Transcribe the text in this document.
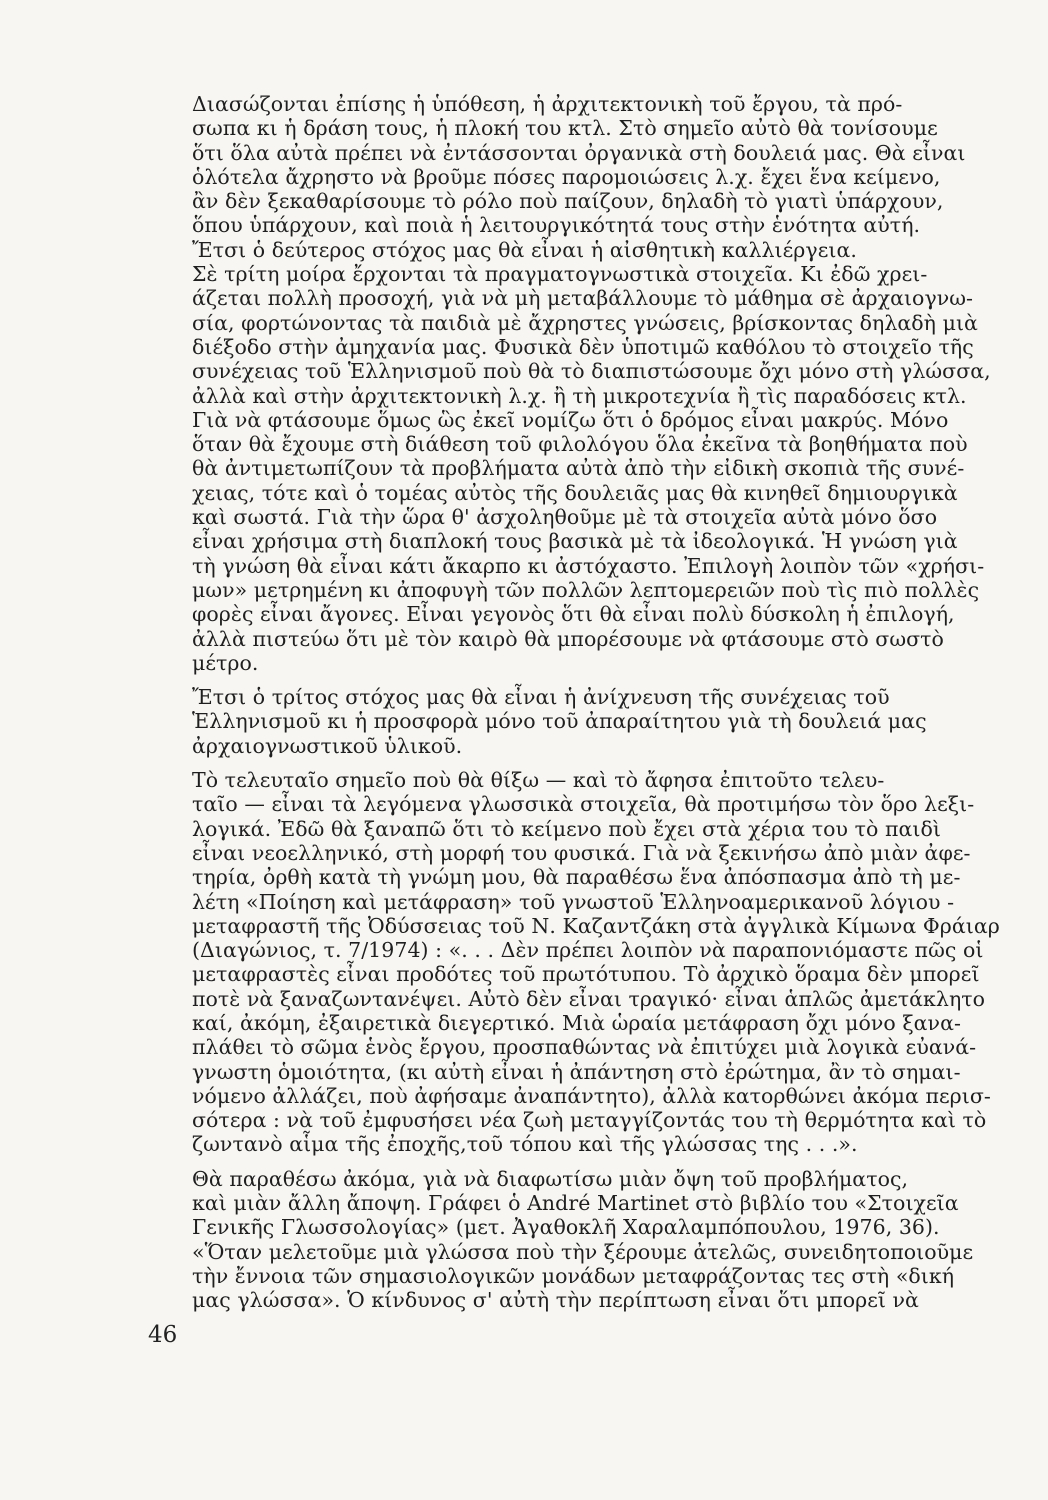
Διασώζονται ἐπίσης ἡ ὑπόθεση, ἡ ἀρχιτεκτονικὴ τοῦ ἔργου, τὰ πρό-
σωπα κι ἡ δράση τους, ἡ πλοκή του κτλ. Στὸ σημεῖο αὐτὸ θὰ τονίσουμε
ὅτι ὅλα αὐτὰ πρέπει νὰ ἐντάσσονται ὀργανικὰ στὴ δουλειά μας. Θὰ εἶναι
ὁλότελα ἄχρηστο νὰ βροῦμε πόσες παρομοιώσεις λ.χ. ἔχει ἕνα κείμενο,
ἂν δὲν ξεκαθαρίσουμε τὸ ρόλο ποὺ παίζουν, δηλαδὴ τὸ γιατὶ ὑπάρχουν,
ὅπου ὑπάρχουν, καὶ ποιὰ ἡ λειτουργικότητά τους στὴν ἑνότητα αὐτή.

Ἔτσι ὁ δεύτερος στόχος μας θὰ εἶναι ἡ αἰσθητικὴ καλλιέργεια.

Σὲ τρίτη μοίρα ἔρχονται τὰ πραγματογνωστικὰ στοιχεῖα. Κι ἐδῶ χρει-
άζεται πολλὴ προσοχή, γιὰ νὰ μὴ μεταβάλλουμε τὸ μάθημα σὲ ἀρχαιογνω-
σία, φορτώνοντας τὰ παιδιὰ μὲ ἄχρηστες γνώσεις, βρίσκοντας δηλαδὴ μιὰ
διέξοδο στὴν ἀμηχανία μας. Φυσικὰ δὲν ὑποτιμῶ καθόλου τὸ στοιχεῖο τῆς
συνέχειας τοῦ Ἑλληνισμοῦ ποὺ θὰ τὸ διαπιστώσουμε ὄχι μόνο στὴ γλώσσα,
ἀλλὰ καὶ στὴν ἀρχιτεκτονικὴ λ.χ. ἢ τὴ μικροτεχνία ἢ τὶς παραδόσεις κτλ.
Γιὰ νὰ φτάσουμε ὅμως ὣς ἐκεῖ νομίζω ὅτι ὁ δρόμος εἶναι μακρύς. Μόνο
ὅταν θὰ ἔχουμε στὴ διάθεση τοῦ φιλολόγου ὅλα ἐκεῖνα τὰ βοηθήματα ποὺ
θὰ ἀντιμετωπίζουν τὰ προβλήματα αὐτὰ ἀπὸ τὴν εἰδικὴ σκοπιὰ τῆς συνέ-
χειας, τότε καὶ ὁ τομέας αὐτὸς τῆς δουλειᾶς μας θὰ κινηθεῖ δημιουργικὰ
καὶ σωστά. Γιὰ τὴν ὥρα θ' ἀσχοληθοῦμε μὲ τὰ στοιχεῖα αὐτὰ μόνο ὅσο
εἶναι χρήσιμα στὴ διαπλοκή τους βασικὰ μὲ τὰ ἰδεολογικά. Ἡ γνώση γιὰ
τὴ γνώση θὰ εἶναι κάτι ἄκαρπο κι ἀστόχαστο. Ἐπιλογὴ λοιπὸν τῶν «χρήσι-
μων» μετρημένη κι ἀποφυγὴ τῶν πολλῶν λεπτομερειῶν ποὺ τὶς πιὸ πολλὲς
φορὲς εἶναι ἄγονες. Εἶναι γεγονὸς ὅτι θὰ εἶναι πολὺ δύσκολη ἡ ἐπιλογή,
ἀλλὰ πιστεύω ὅτι μὲ τὸν καιρὸ θὰ μπορέσουμε νὰ φτάσουμε στὸ σωστὸ
μέτρο.

Ἔτσι ὁ τρίτος στόχος μας θὰ εἶναι ἡ ἀνίχνευση τῆς συνέχειας τοῦ
Ἑλληνισμοῦ κι ἡ προσφορὰ μόνο τοῦ ἀπαραίτητου γιὰ τὴ δουλειά μας
ἀρχαιογνωστικοῦ ὑλικοῦ.

Τὸ τελευταῖο σημεῖο ποὺ θὰ θίξω — καὶ τὸ ἄφησα ἐπιτοῦτο τελευ-
ταῖο — εἶναι τὰ λεγόμενα γλωσσικὰ στοιχεῖα, θὰ προτιμήσω τὸν ὅρο λεξι-
λογικά. Ἐδῶ θὰ ξαναπῶ ὅτι τὸ κείμενο ποὺ ἔχει στὰ χέρια του τὸ παιδὶ
εἶναι νεοελληνικό, στὴ μορφή του φυσικά. Γιὰ νὰ ξεκινήσω ἀπὸ μιὰν ἀφε-
τηρία, ὀρθὴ κατὰ τὴ γνώμη μου, θὰ παραθέσω ἕνα ἀπόσπασμα ἀπὸ τὴ με-
λέτη «Ποίηση καὶ μετάφραση» τοῦ γνωστοῦ Ἑλληνοαμερικανοῦ λόγιου -
μεταφραστῆ τῆς Ὀδύσσειας τοῦ Ν. Καζαντζάκη στὰ ἀγγλικὰ Κίμωνα Φράιαρ
(Διαγώνιος, τ. 7/1974) : «. . . Δὲν πρέπει λοιπὸν νὰ παραπονιόμαστε πῶς οἱ
μεταφραστὲς εἶναι προδότες τοῦ πρωτότυπου. Τὸ ἀρχικὸ ὅραμα δὲν μπορεῖ
ποτὲ νὰ ξαναζωντανέψει. Αὐτὸ δὲν εἶναι τραγικό· εἶναι ἁπλῶς ἀμετάκλητο
καί, ἀκόμη, ἐξαιρετικὰ διεγερτικό. Μιὰ ὡραία μετάφραση ὄχι μόνο ξανα-
πλάθει τὸ σῶμα ἑνὸς ἔργου, προσπαθώντας νὰ ἐπιτύχει μιὰ λογικὰ εὐανά-
γνωστη ὁμοιότητα, (κι αὐτὴ εἶναι ἡ ἀπάντηση στὸ ἐρώτημα, ἂν τὸ σημαι-
νόμενο ἀλλάζει, ποὺ ἀφήσαμε ἀναπάντητο), ἀλλὰ κατορθώνει ἀκόμα περισ-
σότερα : νὰ τοῦ ἐμφυσήσει νέα ζωὴ μεταγγίζοντάς του τὴ θερμότητα καὶ τὸ
ζωντανὸ αἷμα τῆς ἐποχῆς,τοῦ τόπου καὶ τῆς γλώσσας της . . .».

Θὰ παραθέσω ἀκόμα, γιὰ νὰ διαφωτίσω μιὰν ὄψη τοῦ προβλήματος,
καὶ μιὰν ἄλλη ἄποψη. Γράφει ὁ André Martinet στὸ βιβλίο του «Στοιχεῖα
Γενικῆς Γλωσσολογίας» (μετ. Ἀγαθοκλῆ Χαραλαμπόπουλου, 1976, 36).
«Ὅταν μελετοῦμε μιὰ γλώσσα ποὺ τὴν ξέρουμε ἀτελῶς, συνειδητοποιοῦμε
τὴν ἔννοια τῶν σημασιολογικῶν μονάδων μεταφράζοντας τες στὴ «δική
μας γλώσσα». Ὁ κίνδυνος σ' αὐτὴ τὴν περίπτωση εἶναι ὅτι μπορεῖ νὰ

46
